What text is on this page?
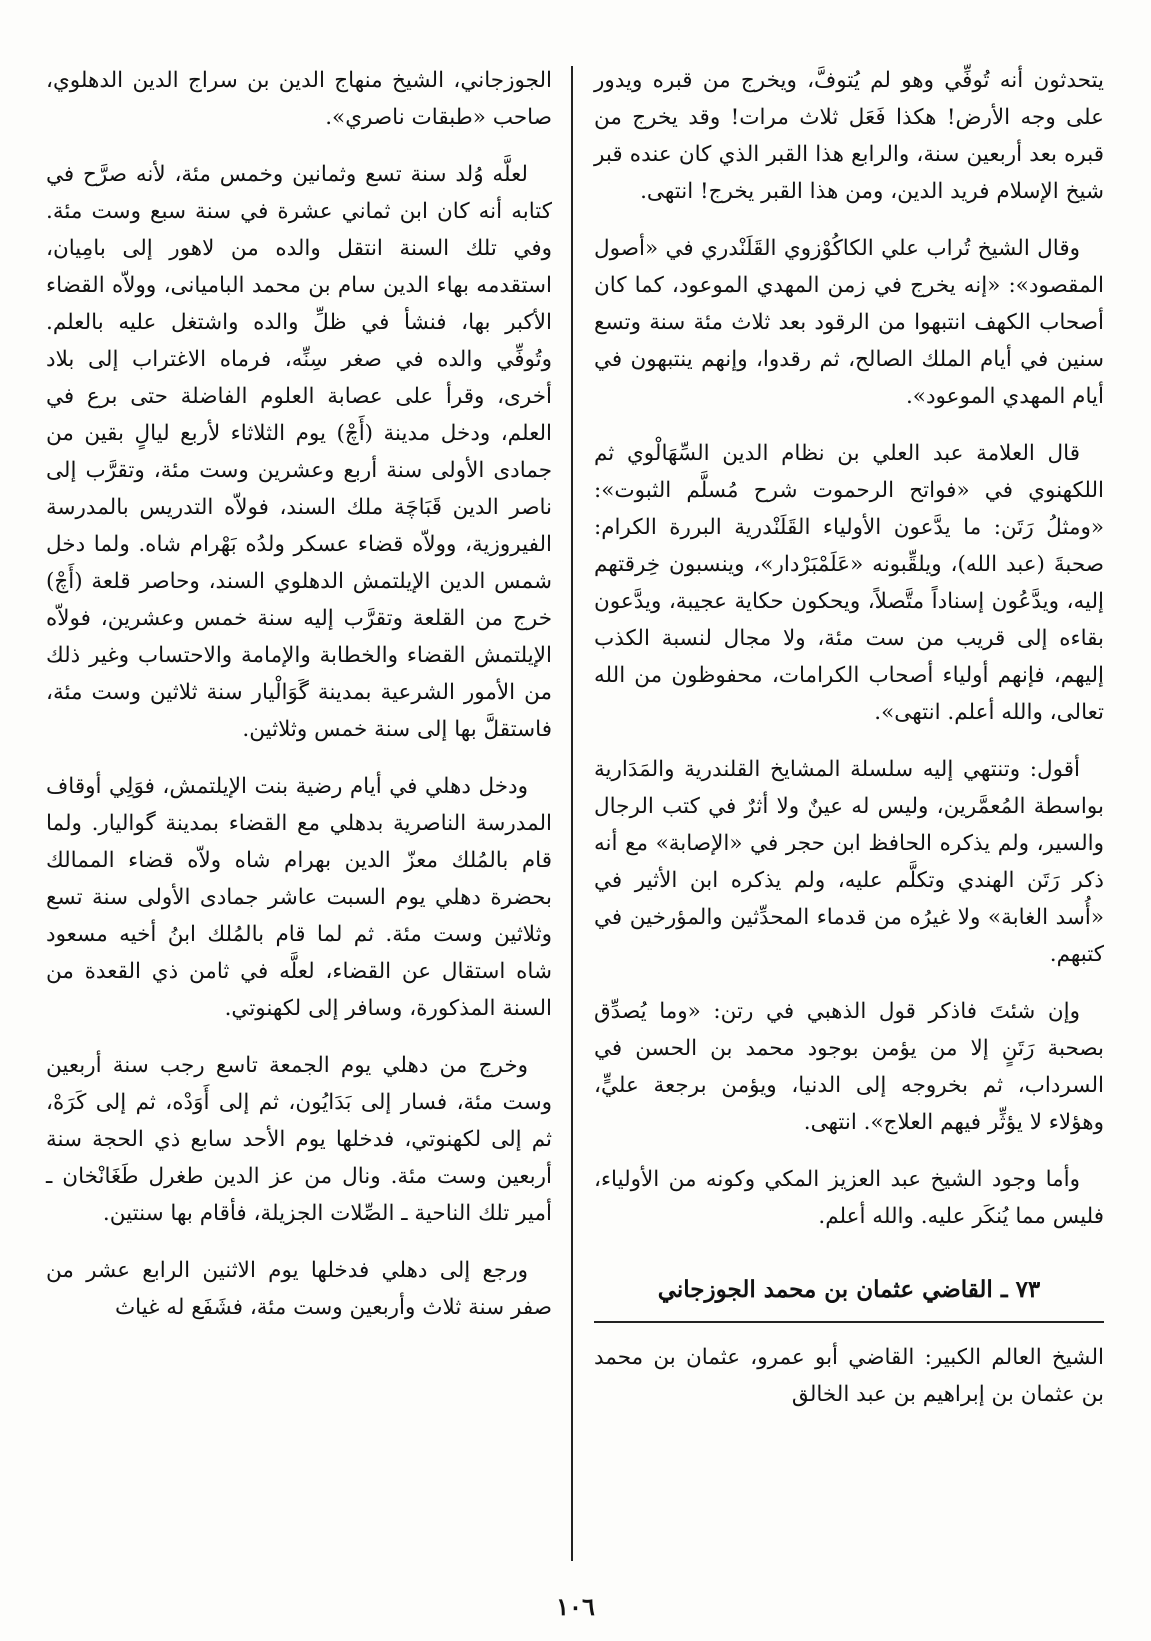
يتحدثون أنه تُوفِّي وهو لم يُتوفَّ، ويخرج من قبره ويدور على وجه الأرض! هكذا فَعَل ثلاث مرات! وقد يخرج من قبره بعد أربعين سنة، والرابع هذا القبر الذي كان عنده قبر شيخ الإسلام فريد الدين، ومن هذا القبر يخرج! انتهى.

وقال الشيخ تُراب علي الكاكُوْزوي القَلَنْدري في «أصول المقصود»: «إنه يخرج في زمن المهدي الموعود، كما كان أصحاب الكهف انتبهوا من الرقود بعد ثلاث مئة سنة وتسع سنين في أيام الملك الصالح، ثم رقدوا، وإنهم ينتبهون في أيام المهدي الموعود».

قال العلامة عبد العلي بن نظام الدين السِّهَالْوي ثم اللكهنوي في «فواتح الرحموت شرح مُسلَّم الثبوت»: «ومثلُ رَتَن: ما يدَّعون الأولياء القَلَنْدرية البررة الكرام: صحبةَ (عبد الله)، ويلقِّبونه «عَلَمْبَرْدار»، وينسبون خِرقتهم إليه، ويدَّعُون إسناداً متَّصلاً، ويحكون حكاية عجيبة، ويدَّعون بقاءه إلى قريب من ست مئة، ولا مجال لنسبة الكذب إليهم، فإنهم أولياء أصحاب الكرامات، محفوظون من الله تعالى، والله أعلم. انتهى».

أقول: وتنتهي إليه سلسلة المشايخ القلندرية والمَدَارية بواسطة المُعمَّرين، وليس له عينٌ ولا أثرٌ في كتب الرجال والسير، ولم يذكره الحافظ ابن حجر في «الإصابة» مع أنه ذكر رَتَن الهندي وتكلَّم عليه، ولم يذكره ابن الأثير في «أُسد الغابة» ولا غيرُه من قدماء المحدِّثين والمؤرخين في كتبهم.

وإن شئتَ فاذكر قول الذهبي في رتن: «وما يُصدِّق بصحبة رَتَنٍ إلا من يؤمن بوجود محمد بن الحسن في السرداب، ثم بخروجه إلى الدنيا، ويؤمن برجعة عليٍّ، وهؤلاء لا يؤثِّر فيهم العلاج». انتهى.

وأما وجود الشيخ عبد العزيز المكي وكونه من الأولياء، فليس مما يُنكَر عليه. والله أعلم.

٧٣ ـ القاضي عثمان بن محمد الجوزجاني

الشيخ العالم الكبير: القاضي أبو عمرو، عثمان بن محمد بن عثمان بن إبراهيم بن عبد الخالق

الجوزجاني، الشيخ منهاج الدين بن سراج الدين الدهلوي، صاحب «طبقات ناصري».

لعلَّه وُلد سنة تسع وثمانين وخمس مئة، لأنه صرَّح في كتابه أنه كان ابن ثماني عشرة في سنة سبع وست مئة. وفي تلك السنة انتقل والده من لاهور إلى بامِيان، استقدمه بهاء الدين سام بن محمد الباميانى، وولاّه القضاء الأكبر بها، فنشأ في ظلِّ والده واشتغل عليه بالعلم. وتُوفِّي والده في صغر سِنِّه، فرماه الاغتراب إلى بلاد أخرى، وقرأ على عصابة العلوم الفاضلة حتى برع في العلم، ودخل مدينة (أَچْ) يوم الثلاثاء لأربع ليالٍ بقين من جمادى الأولى سنة أربع وعشرين وست مئة، وتقرَّب إلى ناصر الدين قَبَاچَة ملك السند، فولاّه التدريس بالمدرسة الفيروزية، وولاّه قضاء عسكر ولدُه بَهْرام شاه. ولما دخل شمس الدين الإيلتمش الدهلوي السند، وحاصر قلعة (أَچْ) خرج من القلعة وتقرَّب إليه سنة خمس وعشرين، فولاّه الإيلتمش القضاء والخطابة والإمامة والاحتساب وغير ذلك من الأمور الشرعية بمدينة گَوَالْيار سنة ثلاثين وست مئة، فاستقلَّ بها إلى سنة خمس وثلاثين.

ودخل دهلي في أيام رضية بنت الإيلتمش، فوَلِي أوقاف المدرسة الناصرية بدهلي مع القضاء بمدينة گواليار. ولما قام بالمُلك معزّ الدين بهرام شاه ولاّه قضاء الممالك بحضرة دهلي يوم السبت عاشر جمادى الأولى سنة تسع وثلاثين وست مئة. ثم لما قام بالمُلك ابنُ أخيه مسعود شاه استقال عن القضاء، لعلَّه في ثامن ذي القعدة من السنة المذكورة، وسافر إلى لكهنوتي.

وخرج من دهلي يوم الجمعة تاسع رجب سنة أربعين وست مئة، فسار إلى بَدَايُون، ثم إلى أَوَدْه، ثم إلى كَرَهْ، ثم إلى لكهنوتي، فدخلها يوم الأحد سابع ذي الحجة سنة أربعين وست مئة. ونال من عز الدين طغرل طَغَانْخان ـ أمير تلك الناحية ـ الصِّلات الجزيلة، فأقام بها سنتين.

ورجع إلى دهلي فدخلها يوم الاثنين الرابع عشر من صفر سنة ثلاث وأربعين وست مئة، فشَفَع له غياث

١٠٦
